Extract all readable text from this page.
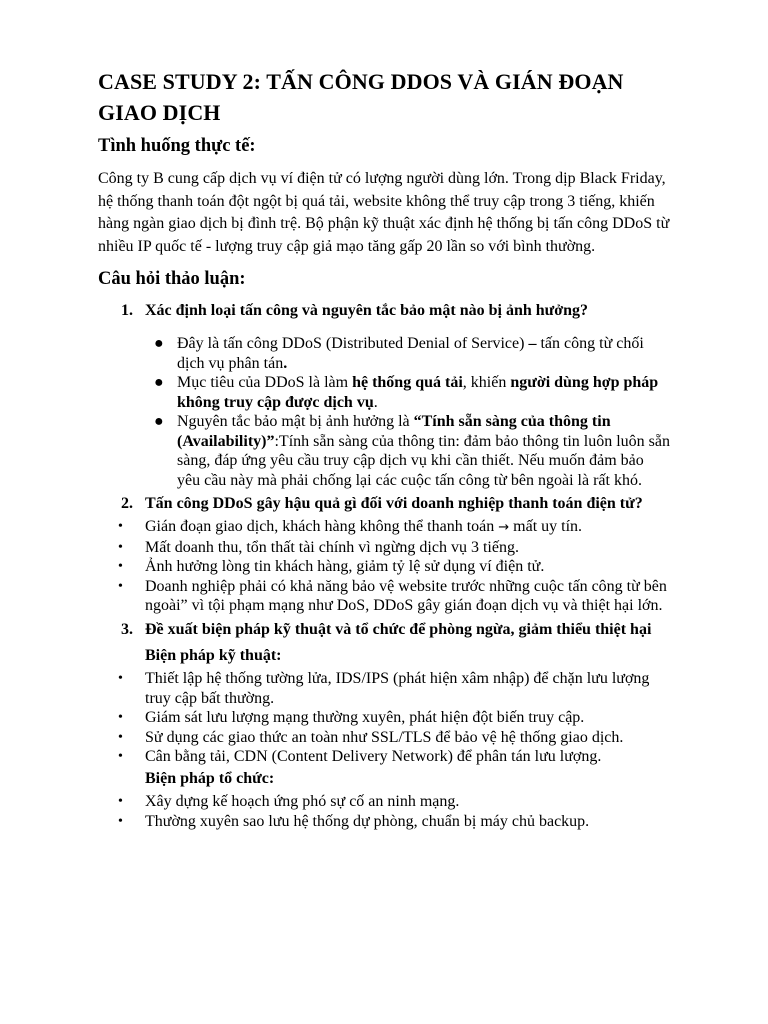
CASE STUDY 2: TẤN CÔNG DDOS VÀ GIÁN ĐOẠN GIAO DỊCH
Tình huống thực tế:

Công ty B cung cấp dịch vụ ví điện tử có lượng người dùng lớn. Trong dịp Black Friday, hệ thống thanh toán đột ngột bị quá tải, website không thể truy cập trong 3 tiếng, khiến hàng ngàn giao dịch bị đình trệ. Bộ phận kỹ thuật xác định hệ thống bị tấn công DDoS từ nhiều IP quốc tế - lượng truy cập giả mạo tăng gấp 20 lần so với bình thường.

Câu hỏi thảo luận:
1. Xác định loại tấn công và nguyên tắc bảo mật nào bị ảnh hưởng?
● Đây là tấn công DDoS (Distributed Denial of Service) – tấn công từ chối dịch vụ phân tán.
● Mục tiêu của DDoS là làm hệ thống quá tải, khiến người dùng hợp pháp không truy cập được dịch vụ.
● Nguyên tắc bảo mật bị ảnh hưởng là “Tính sẵn sàng của thông tin (Availability)”:Tính sẵn sàng của thông tin: đảm bảo thông tin luôn luôn sẵn sàng, đáp ứng yêu cầu truy cập dịch vụ khi cần thiết. Nếu muốn đảm bảo yêu cầu này mà phải chống lại các cuộc tấn công từ bên ngoài là rất khó.
2. Tấn công DDoS gây hậu quả gì đối với doanh nghiệp thanh toán điện tử?
• Gián đoạn giao dịch, khách hàng không thể thanh toán → mất uy tín.
• Mất doanh thu, tổn thất tài chính vì ngừng dịch vụ 3 tiếng.
• Ảnh hưởng lòng tin khách hàng, giảm tỷ lệ sử dụng ví điện tử.
• Doanh nghiệp phải có khả năng bảo vệ website trước những cuộc tấn công từ bên ngoài” vì tội phạm mạng như DoS, DDoS gây gián đoạn dịch vụ và thiệt hại lớn.
3. Đề xuất biện pháp kỹ thuật và tổ chức để phòng ngừa, giảm thiểu thiệt hại
Biện pháp kỹ thuật:
• Thiết lập hệ thống tường lửa, IDS/IPS (phát hiện xâm nhập) để chặn lưu lượng truy cập bất thường.
• Giám sát lưu lượng mạng thường xuyên, phát hiện đột biến truy cập.
• Sử dụng các giao thức an toàn như SSL/TLS để bảo vệ hệ thống giao dịch.
• Cân bằng tải, CDN (Content Delivery Network) để phân tán lưu lượng.
Biện pháp tổ chức:
• Xây dựng kế hoạch ứng phó sự cố an ninh mạng.
• Thường xuyên sao lưu hệ thống dự phòng, chuẩn bị máy chủ backup.
